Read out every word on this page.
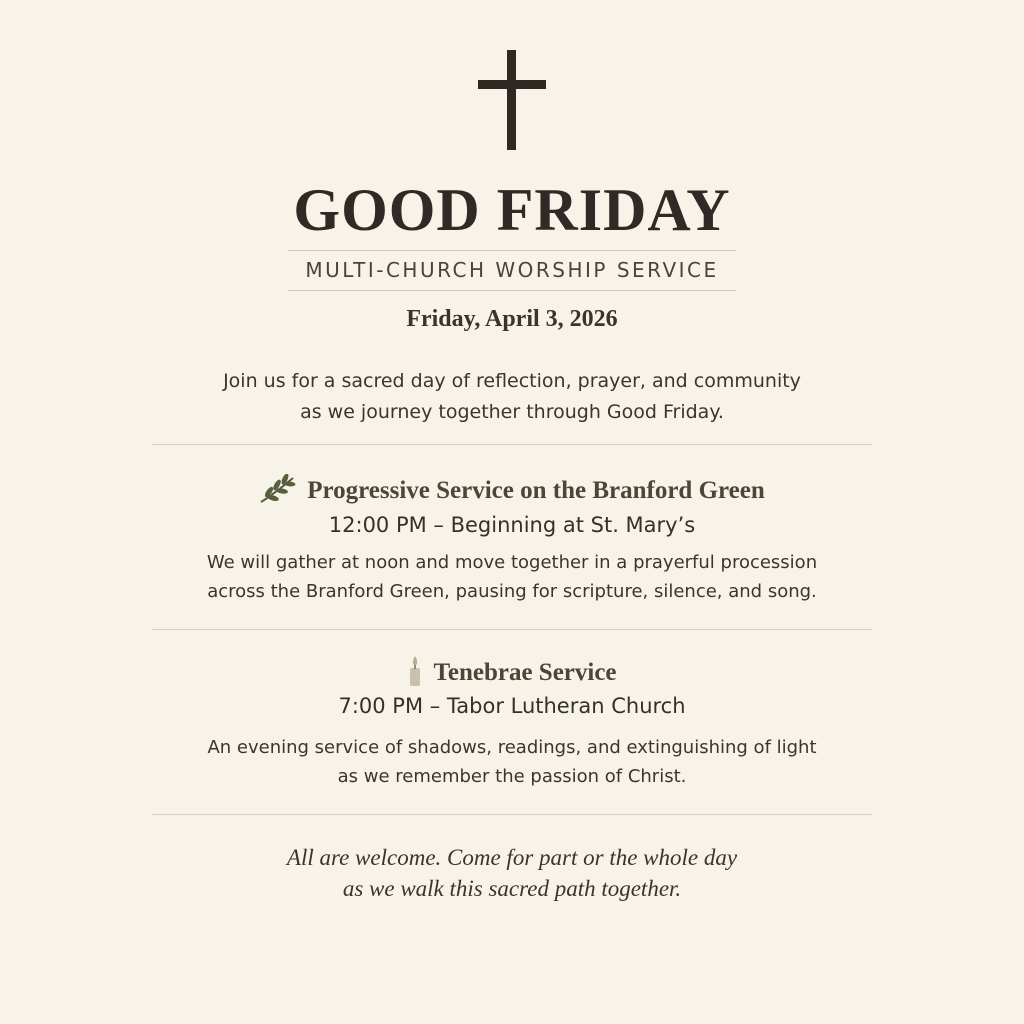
GOOD FRIDAY
MULTI-CHURCH WORSHIP SERVICE
Friday, April 3, 2026
Join us for a sacred day of reflection, prayer, and community
as we journey together through Good Friday.
Progressive Service on the Branford Green
12:00 PM – Beginning at St. Mary’s
We will gather at noon and move together in a prayerful procession
across the Branford Green, pausing for scripture, silence, and song.
Tenebrae Service
7:00 PM – Tabor Lutheran Church
An evening service of shadows, readings, and extinguishing of light
as we remember the passion of Christ.
All are welcome. Come for part or the whole day
as we walk this sacred path together.
